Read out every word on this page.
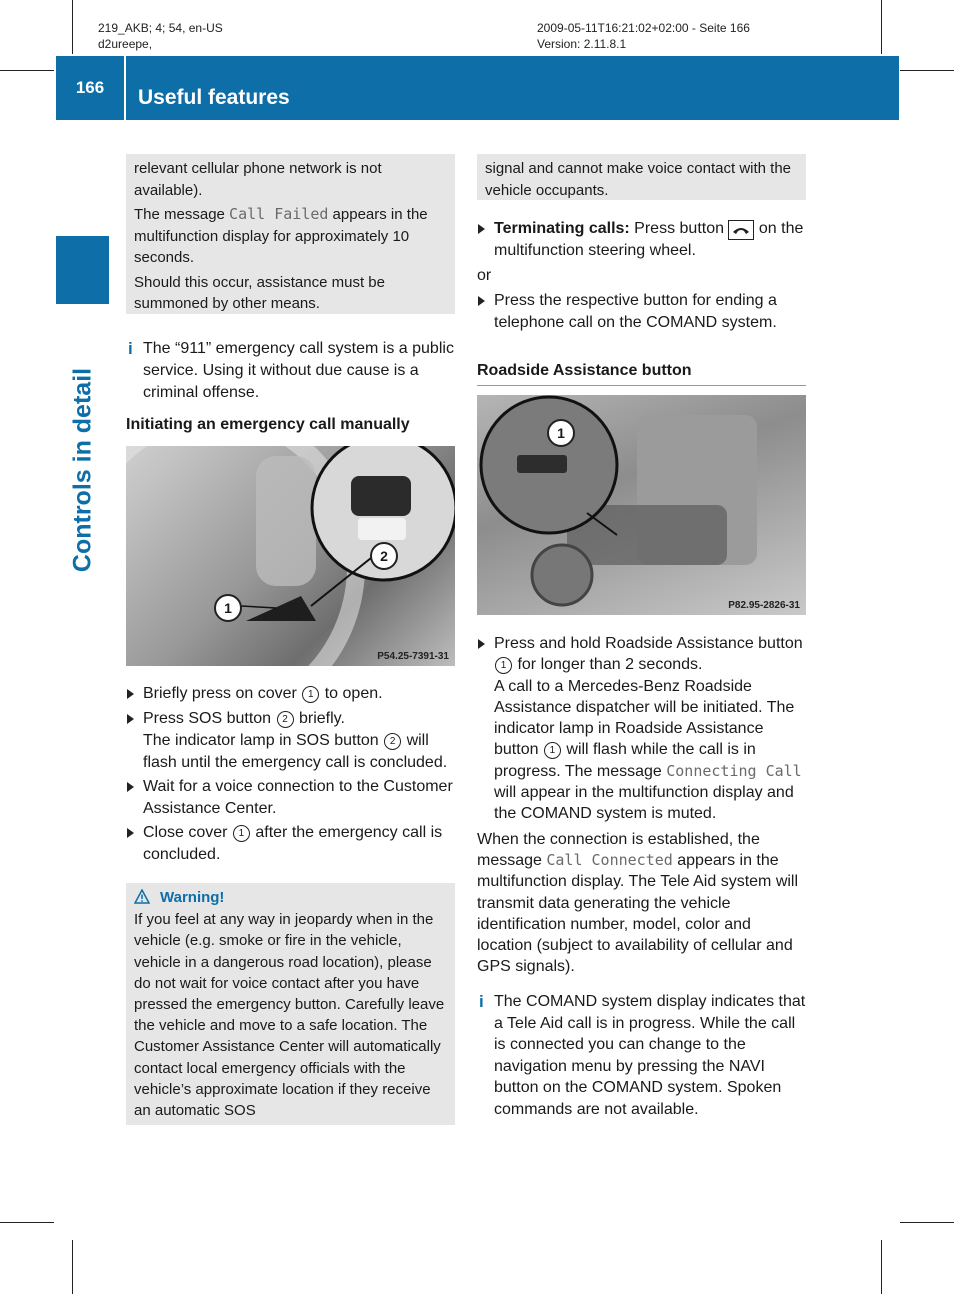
219_AKB; 4; 54, en-US
d2ureepe,
2009-05-11T16:21:02+02:00 - Seite 166
Version: 2.11.8.1
166	Useful features
Controls in detail

relevant cellular phone network is not available).

The message Call Failed appears in the multifunction display for approximately 10 seconds.

Should this occur, assistance must be summoned by other means.

i The “911” emergency call system is a public service. Using it without due cause is a criminal offense.
Initiating an emergency call manually
1
2
P54.25-7391-31
Briefly press on cover 1 to open.
Press SOS button 2 briefly.
The indicator lamp in SOS button 2 will flash until the emergency call is concluded.
Wait for a voice connection to the Customer Assistance Center.
Close cover 1 after the emergency call is concluded.
Warning!
If you feel at any way in jeopardy when in the vehicle (e.g. smoke or fire in the vehicle, vehicle in a dangerous road location), please do not wait for voice contact after you have pressed the emergency button. Carefully leave the vehicle and move to a safe location. The Customer Assistance Center will automatically contact local emergency officials with the vehicle’s approximate location if they receive an automatic SOS
signal and cannot make voice contact with the vehicle occupants.
Terminating calls: Press button  on the multifunction steering wheel.
or
Press the respective button for ending a telephone call on the COMAND system.
Roadside Assistance button
1
P82.95-2826-31
Press and hold Roadside Assistance button 1 for longer than 2 seconds.
A call to a Mercedes-Benz Roadside Assistance dispatcher will be initiated. The indicator lamp in Roadside Assistance button 1 will flash while the call is in progress. The message Connecting Call will appear in the multifunction display and the COMAND system is muted.
When the connection is established, the message Call Connected appears in the multifunction display. The Tele Aid system will transmit data generating the vehicle identification number, model, color and location (subject to availability of cellular and GPS signals).
i The COMAND system display indicates that a Tele Aid call is in progress. While the call is connected you can change to the navigation menu by pressing the NAVI button on the COMAND system. Spoken commands are not available.
